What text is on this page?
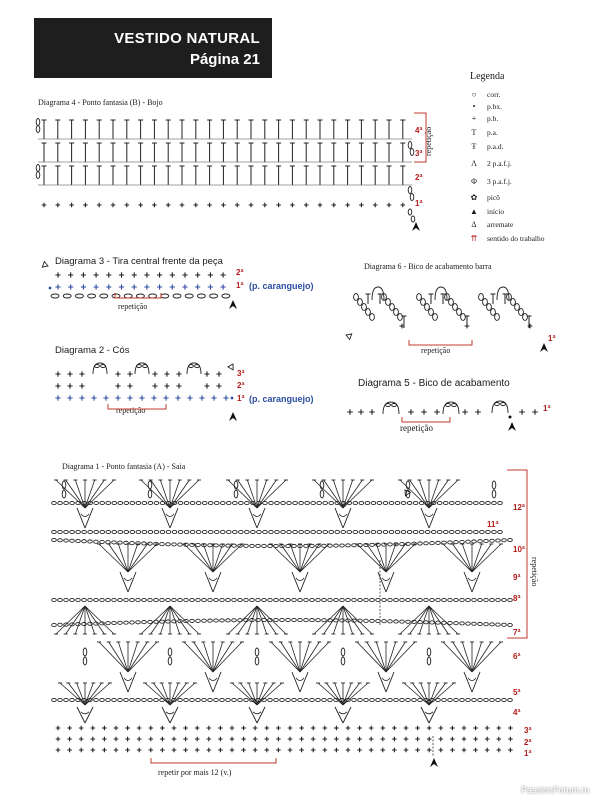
VESTIDO NATURAL
Página 21
Legenda
○	corr.
•	p.bx.
+	p.b.
T	p.a.
Ŧ	p.a.d.
Λ	2 p.a.f.j.
Φ	3 p.a.f.j.
✿	picô
▲	início
Δ	arremate
⇈	sentido do trabalho
Diagrama 4 - Ponto fantasia (B) - Bojo
4ª
3ª
2ª
1ª
repetição
Diagrama 3 - Tira central frente da peça
2ª
1ª (p. caranguejo)
repetição
Diagrama 6 - Bico de acabamento barra
1ª
repetição
Diagrama 2 - Cós
3ª
2ª
1ª (p. caranguejo)
repetição
Diagrama 5 - Bico de acabamento
1ª
repetição
Diagrama 1 - Ponto fantasia (A) - Saia
12ª
11ª
10ª
9ª
8ª
7ª
6ª
5ª
4ª
3ª
2ª
1ª
repetição
repetir por mais 12 (v.)
PassionForum.ru
